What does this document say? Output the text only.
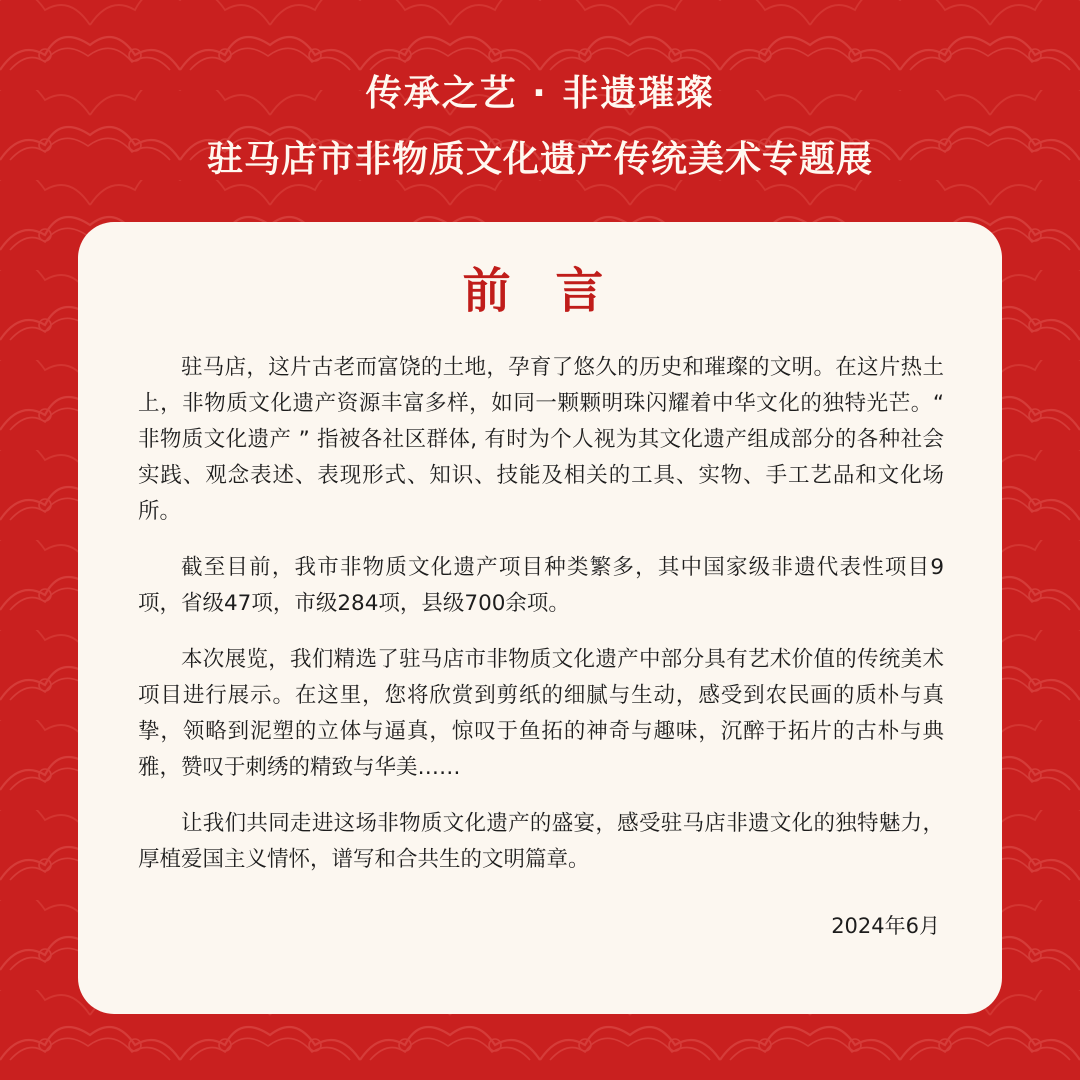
传承之艺 · 非遗璀璨
驻马店市非物质文化遗产传统美术专题展
前 言

驻马店，这片古老而富饶的土地，孕育了悠久的历史和璀璨的文明。在这片热土上，非物质文化遗产资源丰富多样，如同一颗颗明珠闪耀着中华文化的独特光芒。“ 非物质文化遗产 ” 指被各社区群体, 有时为个人视为其文化遗产组成部分的各种社会实践、观念表述、表现形式、知识、技能及相关的工具、实物、手工艺品和文化场所。

截至目前，我市非物质文化遗产项目种类繁多，其中国家级非遗代表性项目9项，省级47项，市级284项，县级700余项。

本次展览，我们精选了驻马店市非物质文化遗产中部分具有艺术价值的传统美术项目进行展示。在这里，您将欣赏到剪纸的细腻与生动，感受到农民画的质朴与真挚，领略到泥塑的立体与逼真，惊叹于鱼拓的神奇与趣味，沉醉于拓片的古朴与典雅，赞叹于刺绣的精致与华美……

让我们共同走进这场非物质文化遗产的盛宴，感受驻马店非遗文化的独特魅力，厚植爱国主义情怀，谱写和合共生的文明篇章。

2024年6月
